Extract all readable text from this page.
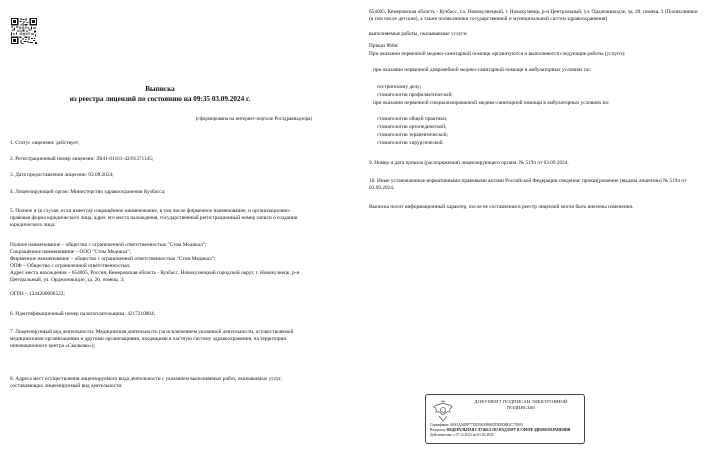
Выписка

из реестра лицензий по состоянию на 09:35 03.09.2024 г.

(сформирована на интернет-портале Росздравнадзора)

1. Статус лицензии: действует;

2. Регистрационный номер лицензии: Л041-01161-42/01371145;

3. Дата предоставления лицензии: 03.09.2024;

4. Лицензирующий орган: Министерство здравоохранения Кузбасса;

5. Полное и (в случае, если имеется) сокращённое наименование, в том числе фирменное наименование, и организационно-правовая форма юридического лица, адрес его места нахождения, государственный регистрационный номер записи о создании юридического лица:

Полное наименование – общество с ограниченной ответственностью "Стом Медикал";

Сокращённое наименование – ООО "Стом Медикал";

Фирменное наименование – общество с ограниченной ответственностью "Стом Медикал";

ОПФ – Общество с ограниченной ответственностью;

Адрес места нахождения – 654005, Россия, Кемеровская область - Кузбасс, Новокузнецкий городской округ, г. Новокузнецк, р-н Центральный, ул. Орджоникидзе, зд. 20, помещ. 3;

ОГРН – 1244200006522;

6. Идентификационный номер налогоплательщика: 4217210804;

7. Лицензируемый вид деятельности: Медицинская деятельность (за исключением указанной деятельности, осуществляемой медицинскими организациями и другими организациями, входящими в частную систему здравоохранения, на территории инновационного центра «Сколково»);

8. Адреса мест осуществления лицензируемого вида деятельности с указанием выполняемых работ, оказываемых услуг, составляющих лицензируемый вид деятельности:

654005, Кемеровская область - Кузбасс, г.о. Новокузнецкий, г. Новокузнецк, р-н Центральный, ул. Орджоникидзе, зд. 20, помещ. 3 (Поликлиники (в том числе детские), а также поликлиники государственной и муниципальной систем здравоохранения)

выполняемые работы, оказываемые услуги:

Приказ 866н:

При оказании первичной медико-санитарной помощи организуются и выполняются следующие работы (услуги):

при оказании первичной доврачебной медико-санитарной помощи в амбулаторных условиях по:

сестринскому делу;

стоматологии профилактической;

при оказании первичной специализированной медико-санитарной помощи в амбулаторных условиях по:

стоматологии общей практики;

стоматологии ортопедической;

стоматологии терапевтической;

стоматологии хирургической.

9. Номер и дата приказа (распоряжения) лицензирующего органа: № 519л от 03.09.2024.

10. Иные установленные нормативными правовыми актами Российской Федерации сведения: приказ[решение (выдача лицензии) № 519л от 03.09.2024.

Выписка носит информационный характер, после ее составления в реестр лицензий могли быть внесены изменения.

ДОКУМЕНТ ПОДПИСАН ЭЛЕКТРОННОЙ ПОДПИСЬЮ
Сертификат: 00A5A36DF77ED358A9B6ED5EFD8E2C75D03
Владелец: ФЕДЕРАЛЬНАЯ СЛУЖБА ПО НАДЗОРУ В СФЕРЕ ЗДРАВООХРАНЕНИЯ
Действителен: с 07.12.2023 по 01.03.2025
